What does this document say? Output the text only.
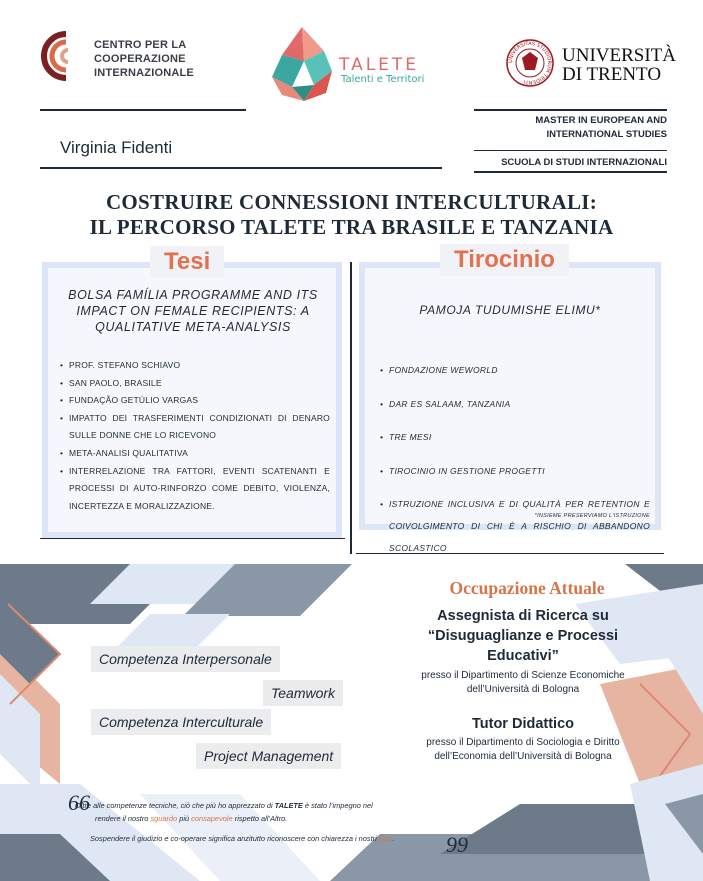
CENTRO PER LA
COOPERAZIONE
INTERNAZIONALE	TALETE
Talenti e Territori
UNIVERSITAS STUDIORUM TRIDENTI
UNIVERSITÀ
DI TRENTO
Virginia Fidenti
MASTER IN EUROPEAN AND
INTERNATIONAL STUDIES
SCUOLA DI STUDI INTERNAZIONALI
COSTRUIRE CONNESSIONI INTERCULTURALI:
IL PERCORSO TALETE TRA BRASILE E TANZANIA
Tesi	Tirocinio
BOLSA FAMÍLIA PROGRAMME AND ITS IMPACT ON FEMALE RECIPIENTS: A QUALITATIVE META-ANALYSIS
• PROF. STEFANO SCHIAVO
• SAN PAOLO, BRASILE
• FUNDAÇÃO GETÚLIO VARGAS
• IMPATTO DEI TRASFERIMENTI CONDIZIONATI DI DENARO SULLE DONNE CHE LO RICEVONO
• META-ANALISI QUALITATIVA
• INTERRELAZIONE TRA FATTORI, EVENTI SCATENANTI E PROCESSI DI AUTO-RINFORZO COME DEBITO, VIOLENZA, INCERTEZZA E MORALIZZAZIONE.
PAMOJA TUDUMISHE ELIMU*
• FONDAZIONE WEWORLD
• DAR ES SALAAM, TANZANIA
• TRE MESI
• TIROCINIO IN GESTIONE PROGETTI
• ISTRUZIONE INCLUSIVA E DI QUALITÀ PER RETENTION E COIVOLGIMENTO DI CHI È A RISCHIO DI ABBANDONO SCOLASTICO
*INSIEME PRESERVIAMO L'ISTRUZIONE
Competenza Interpersonale
Teamwork
Competenza Interculturale
Project Management
Occupazione Attuale
Assegnista di Ricerca su
“Disuguaglianze e Processi
Educativi”
presso il Dipartimento di Scienze Economiche
dell’Università di Bologna
Tutor Didattico
presso il Dipartimento di Sociologia e Diritto
dell’Economia dell’Università di Bologna
66
Oltre alle competenze tecniche, ciò che più ho apprezzato di TALETE è stato l’impegno nel
rendere il nostro sguardo più consapevole rispetto all’Altro.
Sospendere il giudizio e co-operare significa anzitutto riconoscere con chiarezza i nostri bias.	99
